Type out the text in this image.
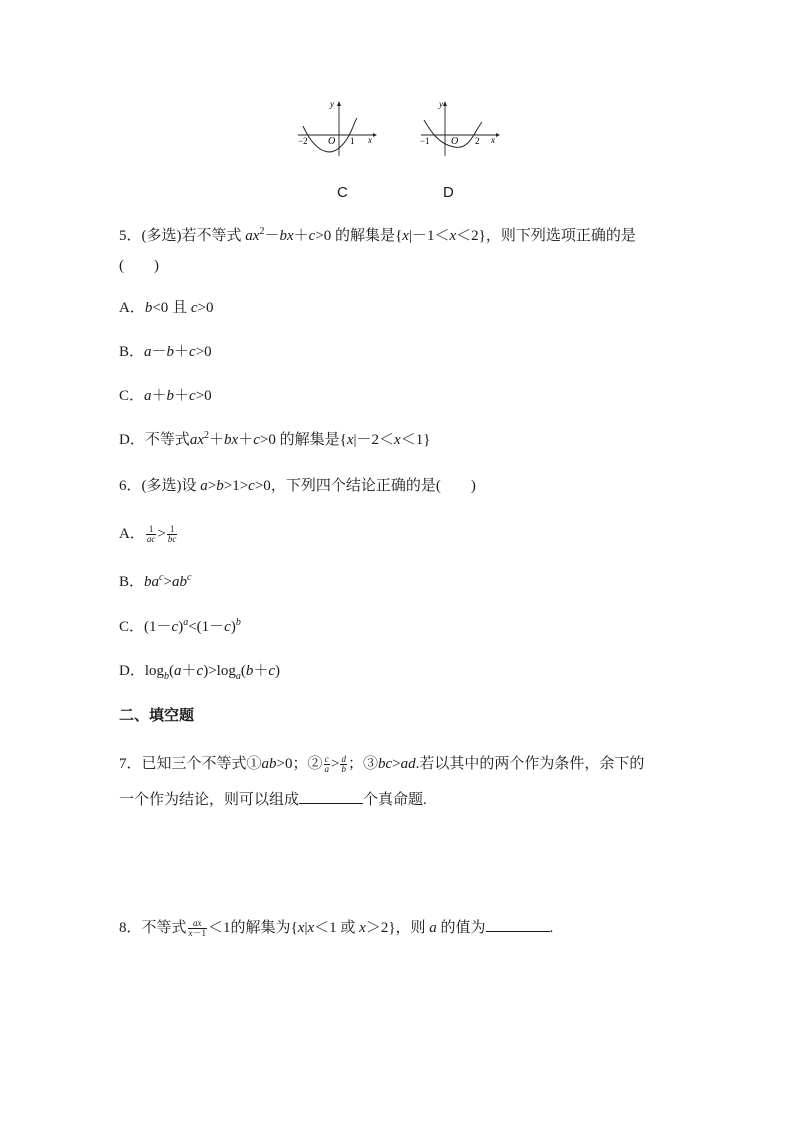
y
x
O
−2	1
C
y
x
O
−1	2
D
5．(多选)若不等式 $ax^2-bx+c>0$ 的解集是{x|－1＜x＜2}，则下列选项正确的是
(　　)
A．b<0 且 c>0
B．a－b＋c>0
C．a＋b＋c>0
D．不等式$ax^2+bx+c>0$ 的解集是{x|－2＜x＜1}
6．(多选)设 a>b>1>c>0，下列四个结论正确的是(　　)
A． $\frac{1}{ac} > \frac{1}{bc}$
B．$ba^c>ab^c$
C．$(1-c)^a<(1-c)^b$
D．$\log_b(a+c)>\log_a(b+c)$
二、填空题
7．已知三个不等式①ab>0；② $\frac{c}{a} > \frac{d}{b}$ ；③bc>ad.若以其中的两个作为条件，余下的
一个作为结论，则可以组成	个真命题.
8．不等式 $\frac{ax}{x-1} <1$的解集为{x|x＜1 或 x＞2}，则 a 的值为	.
